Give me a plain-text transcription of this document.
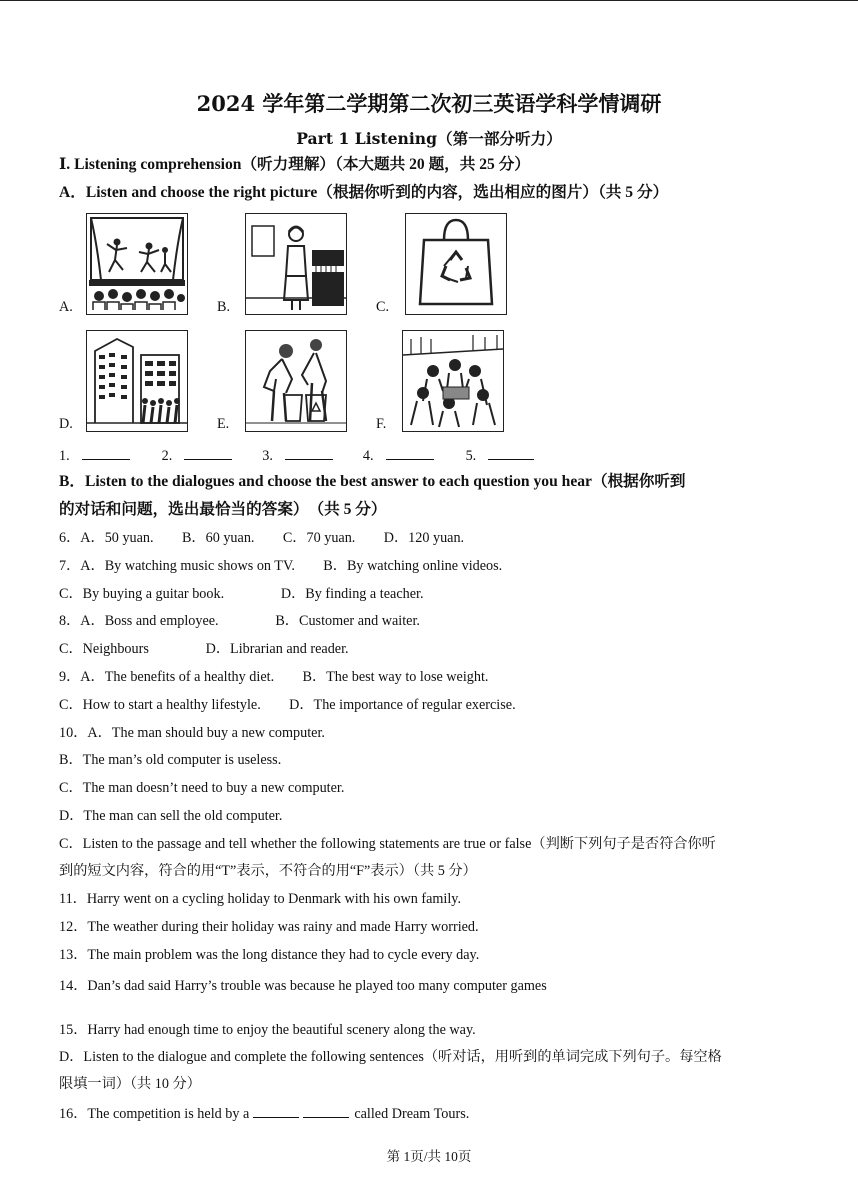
2024 学年第二学期第二次初三英语学科学情调研
Part 1 Listening（第一部分听力）
Ⅰ. Listening comprehension（听力理解）（本大题共 20 题，共 25 分）
A．Listen and choose the right picture（根据你听到的内容，选出相应的图片）（共 5 分）
A.	B.	C.
D.	E.	F.
1.	2.	3.	4.	5.
B．Listen to the dialogues and choose the best answer to each question you hear（根据你听到
的对话和问题，选出最恰当的答案）　（共 5 分）
6．A．50 yuan.　　B．60 yuan.　　C．70 yuan.　　D．120 yuan.
7．A．By watching music shows on TV.　　B．By watching online videos.
C．By buying a guitar book.　　　　D．By finding a teacher.
8．A．Boss and employee.　　　　B．Customer and waiter.
C．Neighbours　　　　D．Librarian and reader.
9．A．The benefits of a healthy diet.　　B．The best way to lose weight.
C．How to start a healthy lifestyle.　　D．The importance of regular exercise.
10．A．The man should buy a new computer.
B．The man’s old computer is useless.
C．The man doesn’t need to buy a new computer.
D．The man can sell the old computer.
C．Listen to the passage and tell whether the following statements are true or false（判断下列句子是否符合你听
到的短文内容，符合的用“T”表示，不符合的用“F”表示）（共 5 分）
11．Harry went on a cycling holiday to Denmark with his own family.
12．The weather during their holiday was rainy and made Harry worried.
13．The main problem was the long distance they had to cycle every day.
14．Dan’s dad said Harry’s trouble was because he played too many computer games
15．Harry had enough time to enjoy the beautiful scenery along the way.
D．Listen to the dialogue and complete the following sentences（听对话，用听到的单词完成下列句子。每空格
限填一词）（共 10 分）
16．The competition is held by a	called Dream Tours.
第 1页/共 10页
